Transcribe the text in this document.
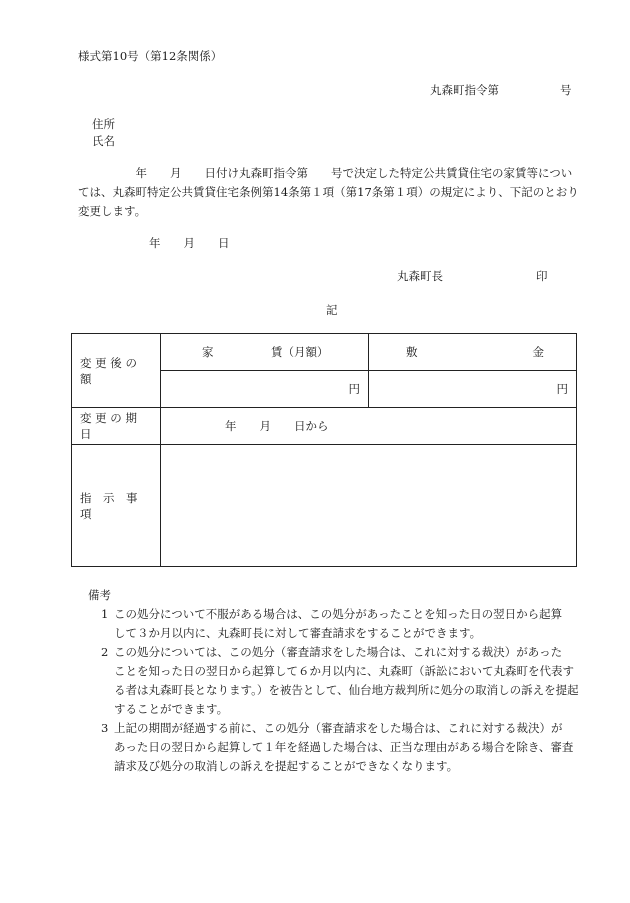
様式第10号（第12条関係）
丸森町指令第	号
住所
氏名
　　　　　年　　月　　日付け丸森町指令第　　号で決定した特定公共賃貸住宅の家賃等につい
ては、丸森町特定公共賃貸住宅条例第14条第１項（第17条第１項）の規定により、下記のとおり
変更します。
年　　月　　日
丸森町長	印
記
変 更 後 の 額	家　　　　　賃（月額）	敷　　　　　　　　　　金
	円	円
変 更 の 期 日	年　　月　　日から	
指　示　事　項		
備考
1 この処分について不服がある場合は、この処分があったことを知った日の翌日から起算
して３か月以内に、丸森町長に対して審査請求をすることができます。
2 この処分については、この処分（審査請求をした場合は、これに対する裁決）があった
ことを知った日の翌日から起算して６か月以内に、丸森町（訴訟において丸森町を代表す
る者は丸森町長となります。）を被告として、仙台地方裁判所に処分の取消しの訴えを提起
することができます。
3 上記の期間が経過する前に、この処分（審査請求をした場合は、これに対する裁決）が
あった日の翌日から起算して１年を経過した場合は、正当な理由がある場合を除き、審査
請求及び処分の取消しの訴えを提起することができなくなります。
